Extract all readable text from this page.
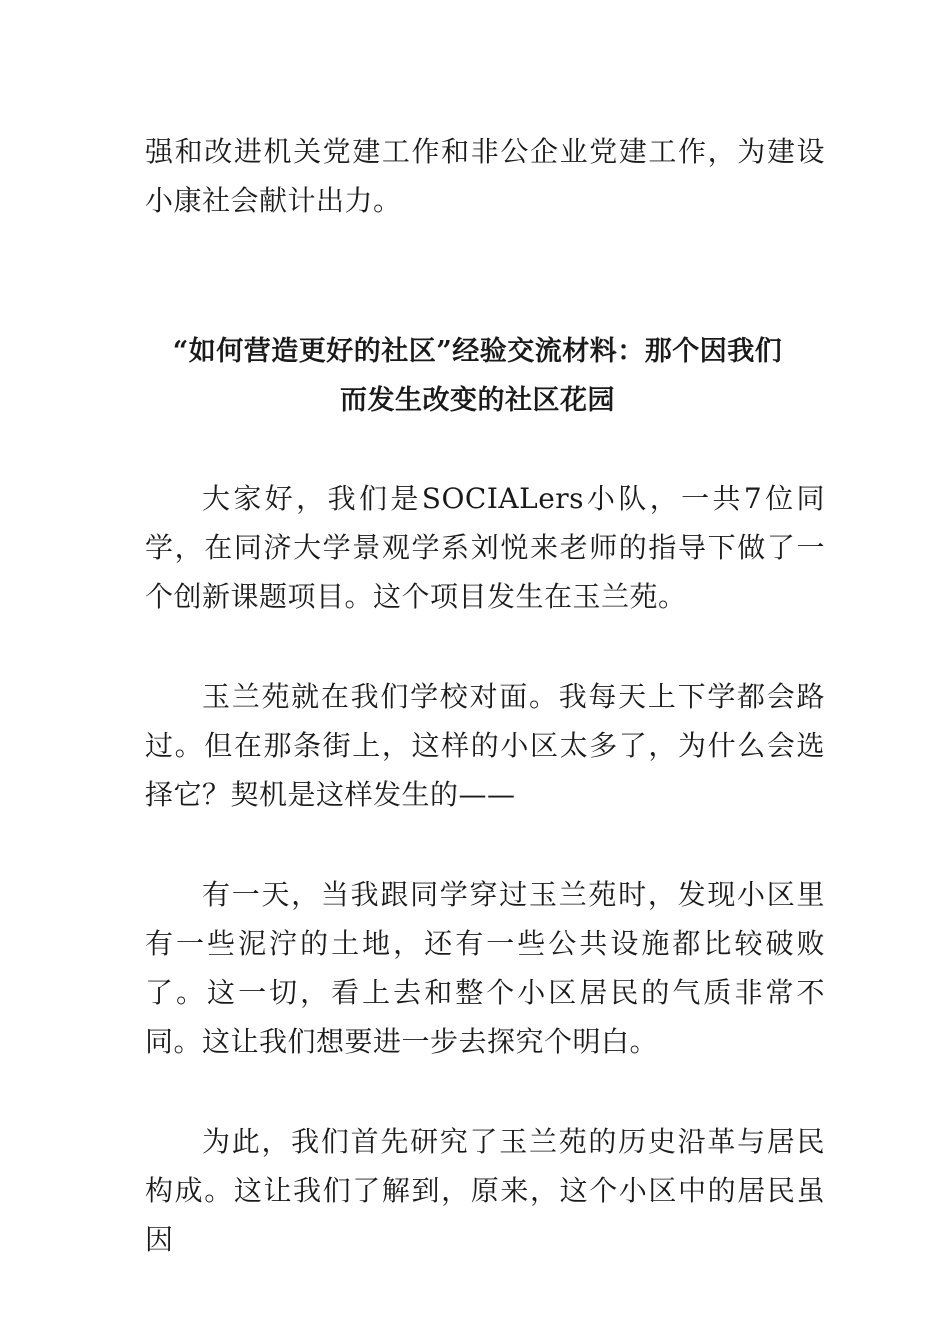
强和改进机关党建工作和非公企业党建工作，为建设小康社会献计出力。

“如何营造更好的社区”经验交流材料：那个因我们
而发生改变的社区花园

大家好，我们是SOCIALers小队，一共7位同学，在同济大学景观学系刘悦来老师的指导下做了一个创新课题项目。这个项目发生在玉兰苑。

玉兰苑就在我们学校对面。我每天上下学都会路过。但在那条街上，这样的小区太多了，为什么会选择它？契机是这样发生的——

有一天，当我跟同学穿过玉兰苑时，发现小区里有一些泥泞的土地，还有一些公共设施都比较破败了。这一切，看上去和整个小区居民的气质非常不同。这让我们想要进一步去探究个明白。

为此，我们首先研究了玉兰苑的历史沿革与居民构成。这让我们了解到，原来，这个小区中的居民虽因
